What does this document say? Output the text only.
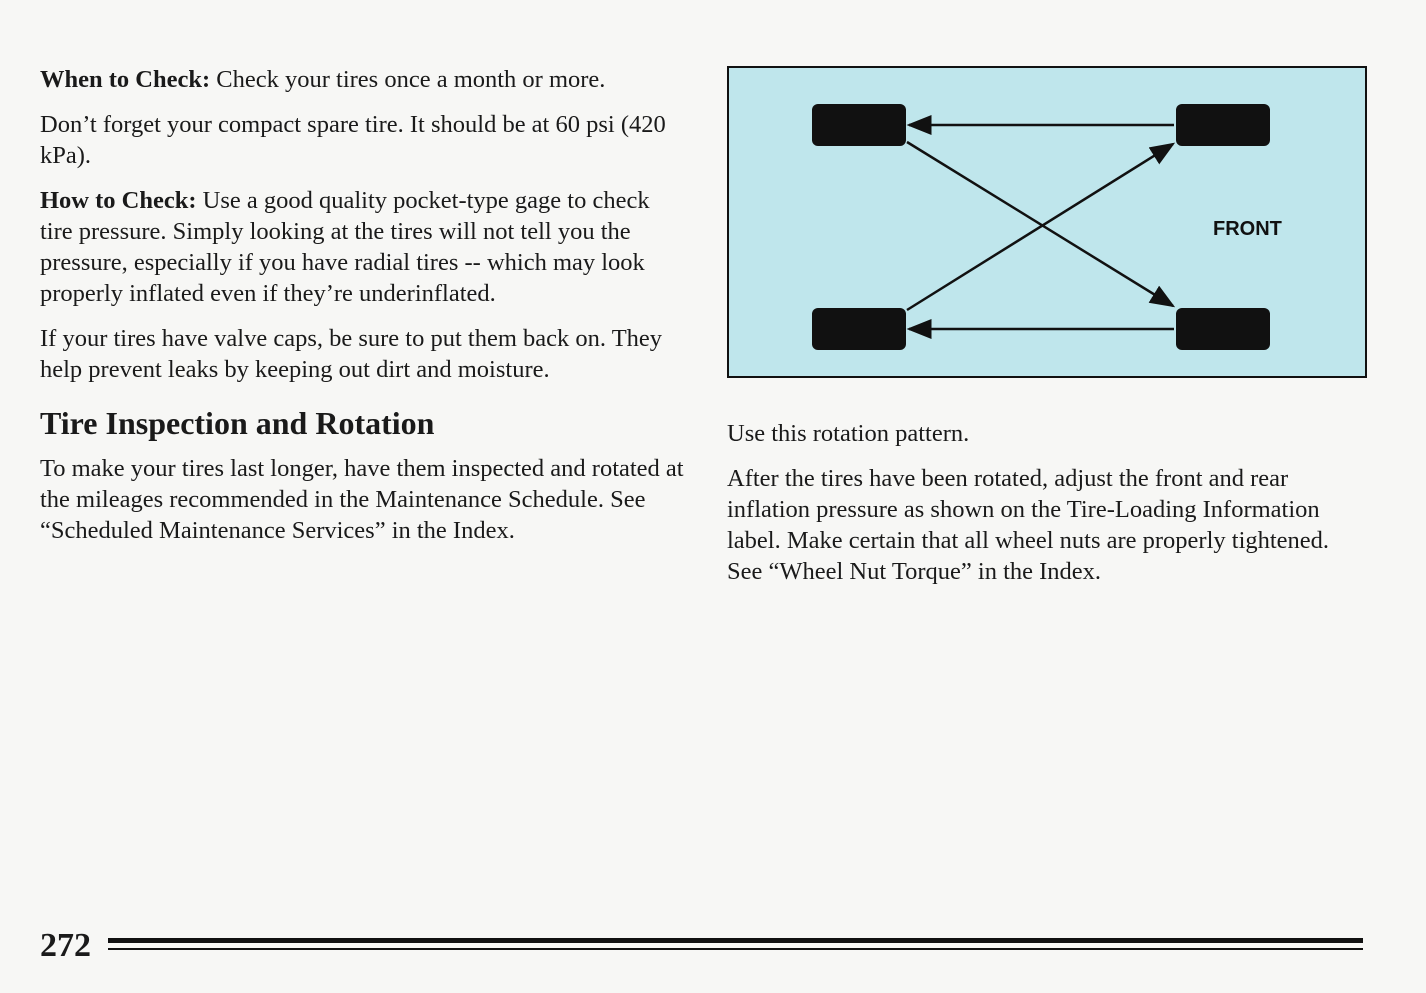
When to Check: Check your tires once a month or more.

Don’t forget your compact spare tire. It should be at 60 psi (420 kPa).

How to Check: Use a good quality pocket-type gage to check tire pressure. Simply looking at the tires will not tell you the pressure, especially if you have radial tires -- which may look properly inflated even if they’re underinflated.

If your tires have valve caps, be sure to put them back on. They help prevent leaks by keeping out dirt and moisture.

Tire Inspection and Rotation

To make your tires last longer, have them inspected and rotated at the mileages recommended in the Maintenance Schedule. See “Scheduled Maintenance Services” in the Index.

FRONT

Use this rotation pattern.

After the tires have been rotated, adjust the front and rear inflation pressure as shown on the Tire-Loading Information label. Make certain that all wheel nuts are properly tightened. See “Wheel Nut Torque” in the Index.

272
